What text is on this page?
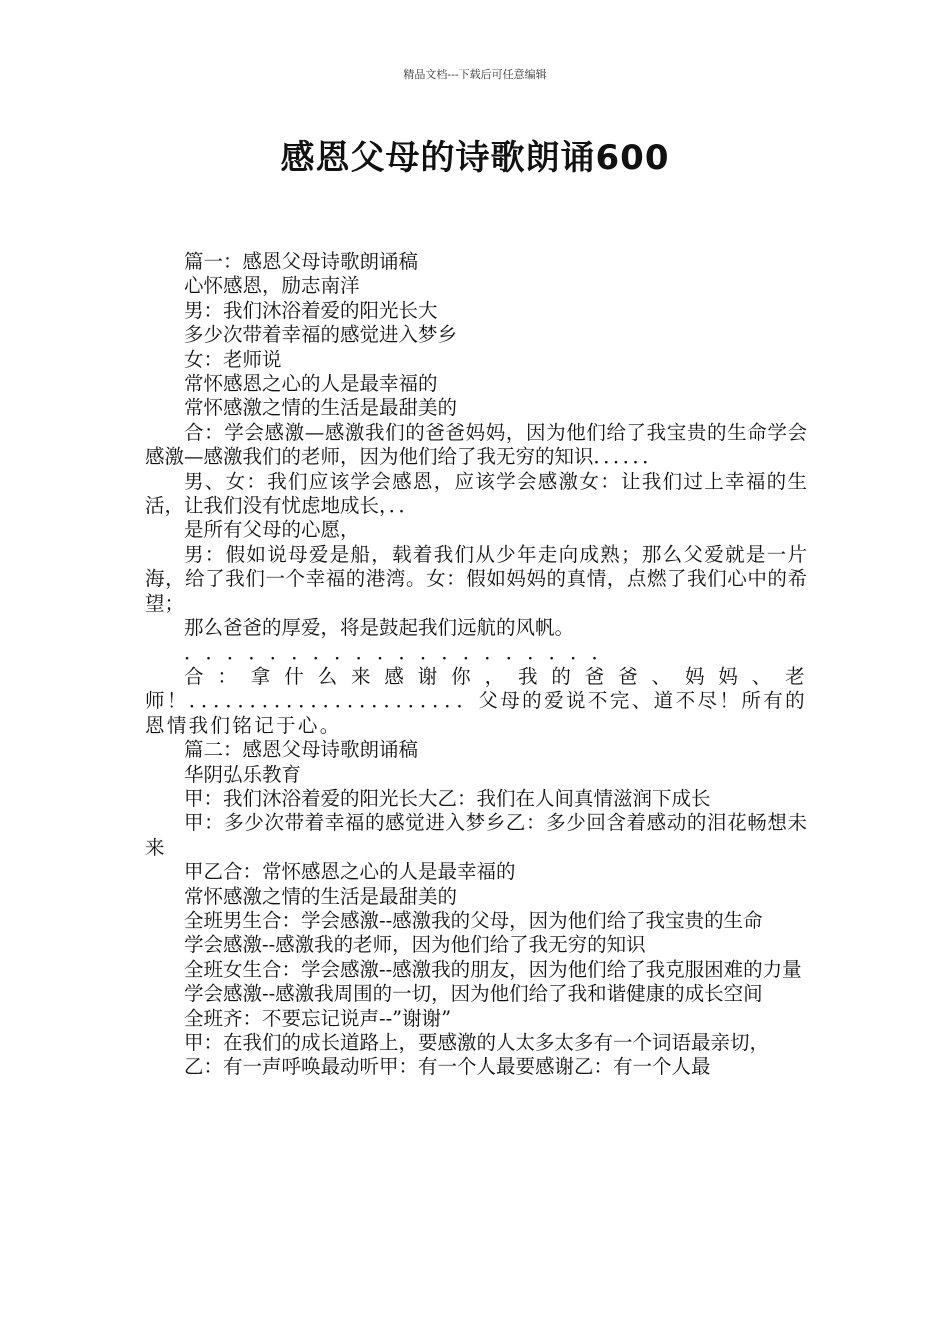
精品文档---下载后可任意编辑
感恩父母的诗歌朗诵600

篇一：感恩父母诗歌朗诵稿

心怀感恩，励志南洋

男：我们沐浴着爱的阳光长大

多少次带着幸福的感觉进入梦乡

女：老师说

常怀感恩之心的人是最幸福的

常怀感激之情的生活是最甜美的

合：学会感激—感激我们的爸爸妈妈，因为他们给了我宝贵的生命学会感激—感激我们的老师，因为他们给了我无穷的知识．．．．．．

男、女：我们应该学会感恩，应该学会感激女：让我们过上幸福的生活，让我们没有忧虑地成长，．．

是所有父母的心愿，

男：假如说母爱是船，载着我们从少年走向成熟；那么父爱就是一片海，给了我们一个幸福的港湾。女：假如妈妈的真情，点燃了我们心中的希望；

那么爸爸的厚爱，将是鼓起我们远航的风帆。

．．．．．．．．．．．．．．．．．．．．

合：拿什么来感谢你，我的爸爸、妈妈、老师！．．．．．．．．．．．．．．．．．．．．．．．父母的爱说不完、道不尽！所有的恩情我们铭记于心。

篇二：感恩父母诗歌朗诵稿

华阴弘乐教育

甲：我们沐浴着爱的阳光长大乙：我们在人间真情滋润下成长

甲：多少次带着幸福的感觉进入梦乡乙：多少回含着感动的泪花畅想未来

甲乙合：常怀感恩之心的人是最幸福的

常怀感激之情的生活是最甜美的

全班男生合：学会感激--感激我的父母，因为他们给了我宝贵的生命

学会感激--感激我的老师，因为他们给了我无穷的知识

全班女生合：学会感激--感激我的朋友，因为他们给了我克服困难的力量

学会感激--感激我周围的一切，因为他们给了我和谐健康的成长空间

全班齐：不要忘记说声--”谢谢”

甲：在我们的成长道路上，要感激的人太多太多有一个词语最亲切，

乙：有一声呼唤最动听甲：有一个人最要感谢乙：有一个人最
